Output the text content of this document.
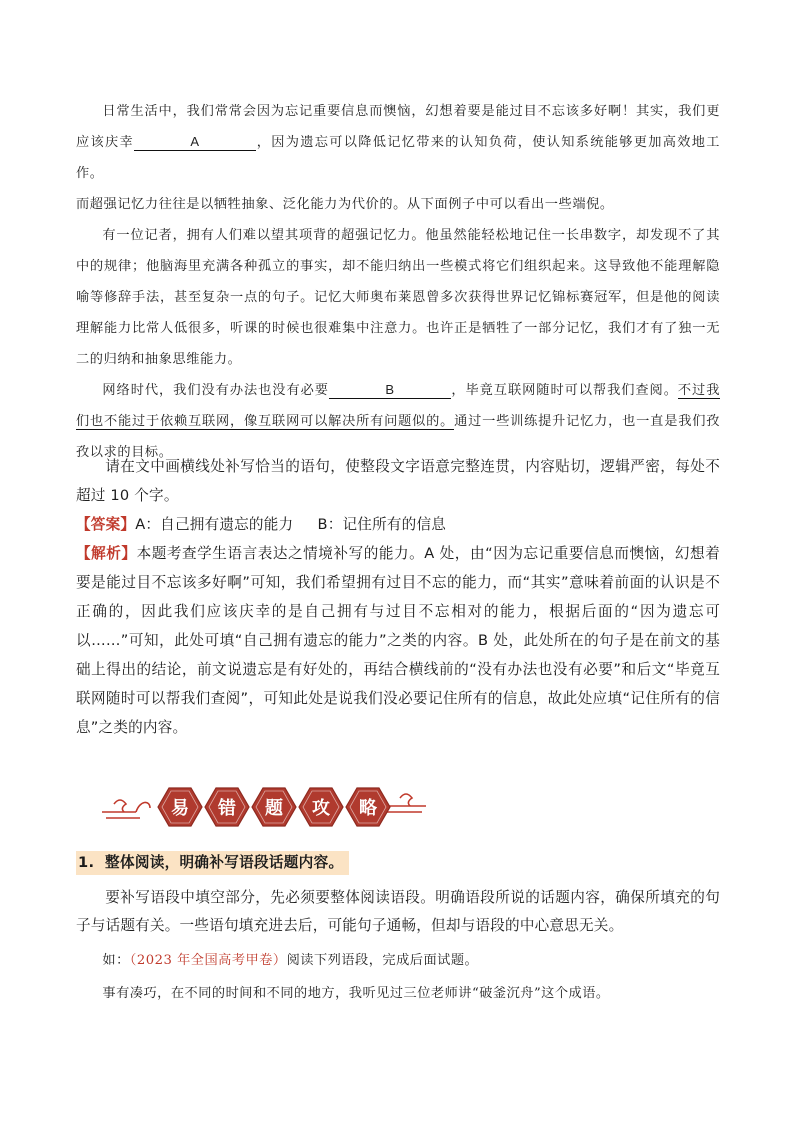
日常生活中，我们常常会因为忘记重要信息而懊恼，幻想着要是能过目不忘该多好啊！其实，我们更应该庆幸	A	，因为遗忘可以降低记忆带来的认知负荷，使认知系统能够更加高效地工作。

而超强记忆力往往是以牺牲抽象、泛化能力为代价的。从下面例子中可以看出一些端倪。

有一位记者，拥有人们难以望其项背的超强记忆力。他虽然能轻松地记住一长串数字，却发现不了其中的规律；他脑海里充满各种孤立的事实，却不能归纳出一些模式将它们组织起来。这导致他不能理解隐喻等修辞手法，甚至复杂一点的句子。记忆大师奥布莱恩曾多次获得世界记忆锦标赛冠军，但是他的阅读理解能力比常人低很多，听课的时候也很难集中注意力。也许正是牺牲了一部分记忆，我们才有了独一无二的归纳和抽象思维能力。

网络时代，我们没有办法也没有必要	B	，毕竟互联网随时可以帮我们查阅。不过我们也不能过于依赖互联网，像互联网可以解决所有问题似的。通过一些训练提升记忆力，也一直是我们孜孜以求的目标。

请在文中画横线处补写恰当的语句，使整段文字语意完整连贯，内容贴切，逻辑严密，每处不超过 10 个字。

【答案】A：自己拥有遗忘的能力     B：记住所有的信息

【解析】本题考查学生语言表达之情境补写的能力。A 处，由“因为忘记重要信息而懊恼，幻想着要是能过目不忘该多好啊”可知，我们希望拥有过目不忘的能力，而“其实”意味着前面的认识是不正确的，因此我们应该庆幸的是自己拥有与过目不忘相对的能力，根据后面的“因为遗忘可以……”可知，此处可填“自己拥有遗忘的能力”之类的内容。B 处，此处所在的句子是在前文的基础上得出的结论，前文说遗忘是有好处的，再结合横线前的“没有办法也没有必要”和后文“毕竟互联网随时可以帮我们查阅”，可知此处是说我们没必要记住所有的信息，故此处应填“记住所有的信息”之类的内容。

易	错	题	攻	略
1.  整体阅读，明确补写语段话题内容。

要补写语段中填空部分，先必须要整体阅读语段。明确语段所说的话题内容，确保所填充的句子与话题有关。一些语句填充进去后，可能句子通畅，但却与语段的中心意思无关。

如：（2023 年全国高考甲卷）阅读下列语段，完成后面试题。

事有凑巧，在不同的时间和不同的地方，我听见过三位老师讲“破釜沉舟”这个成语。
